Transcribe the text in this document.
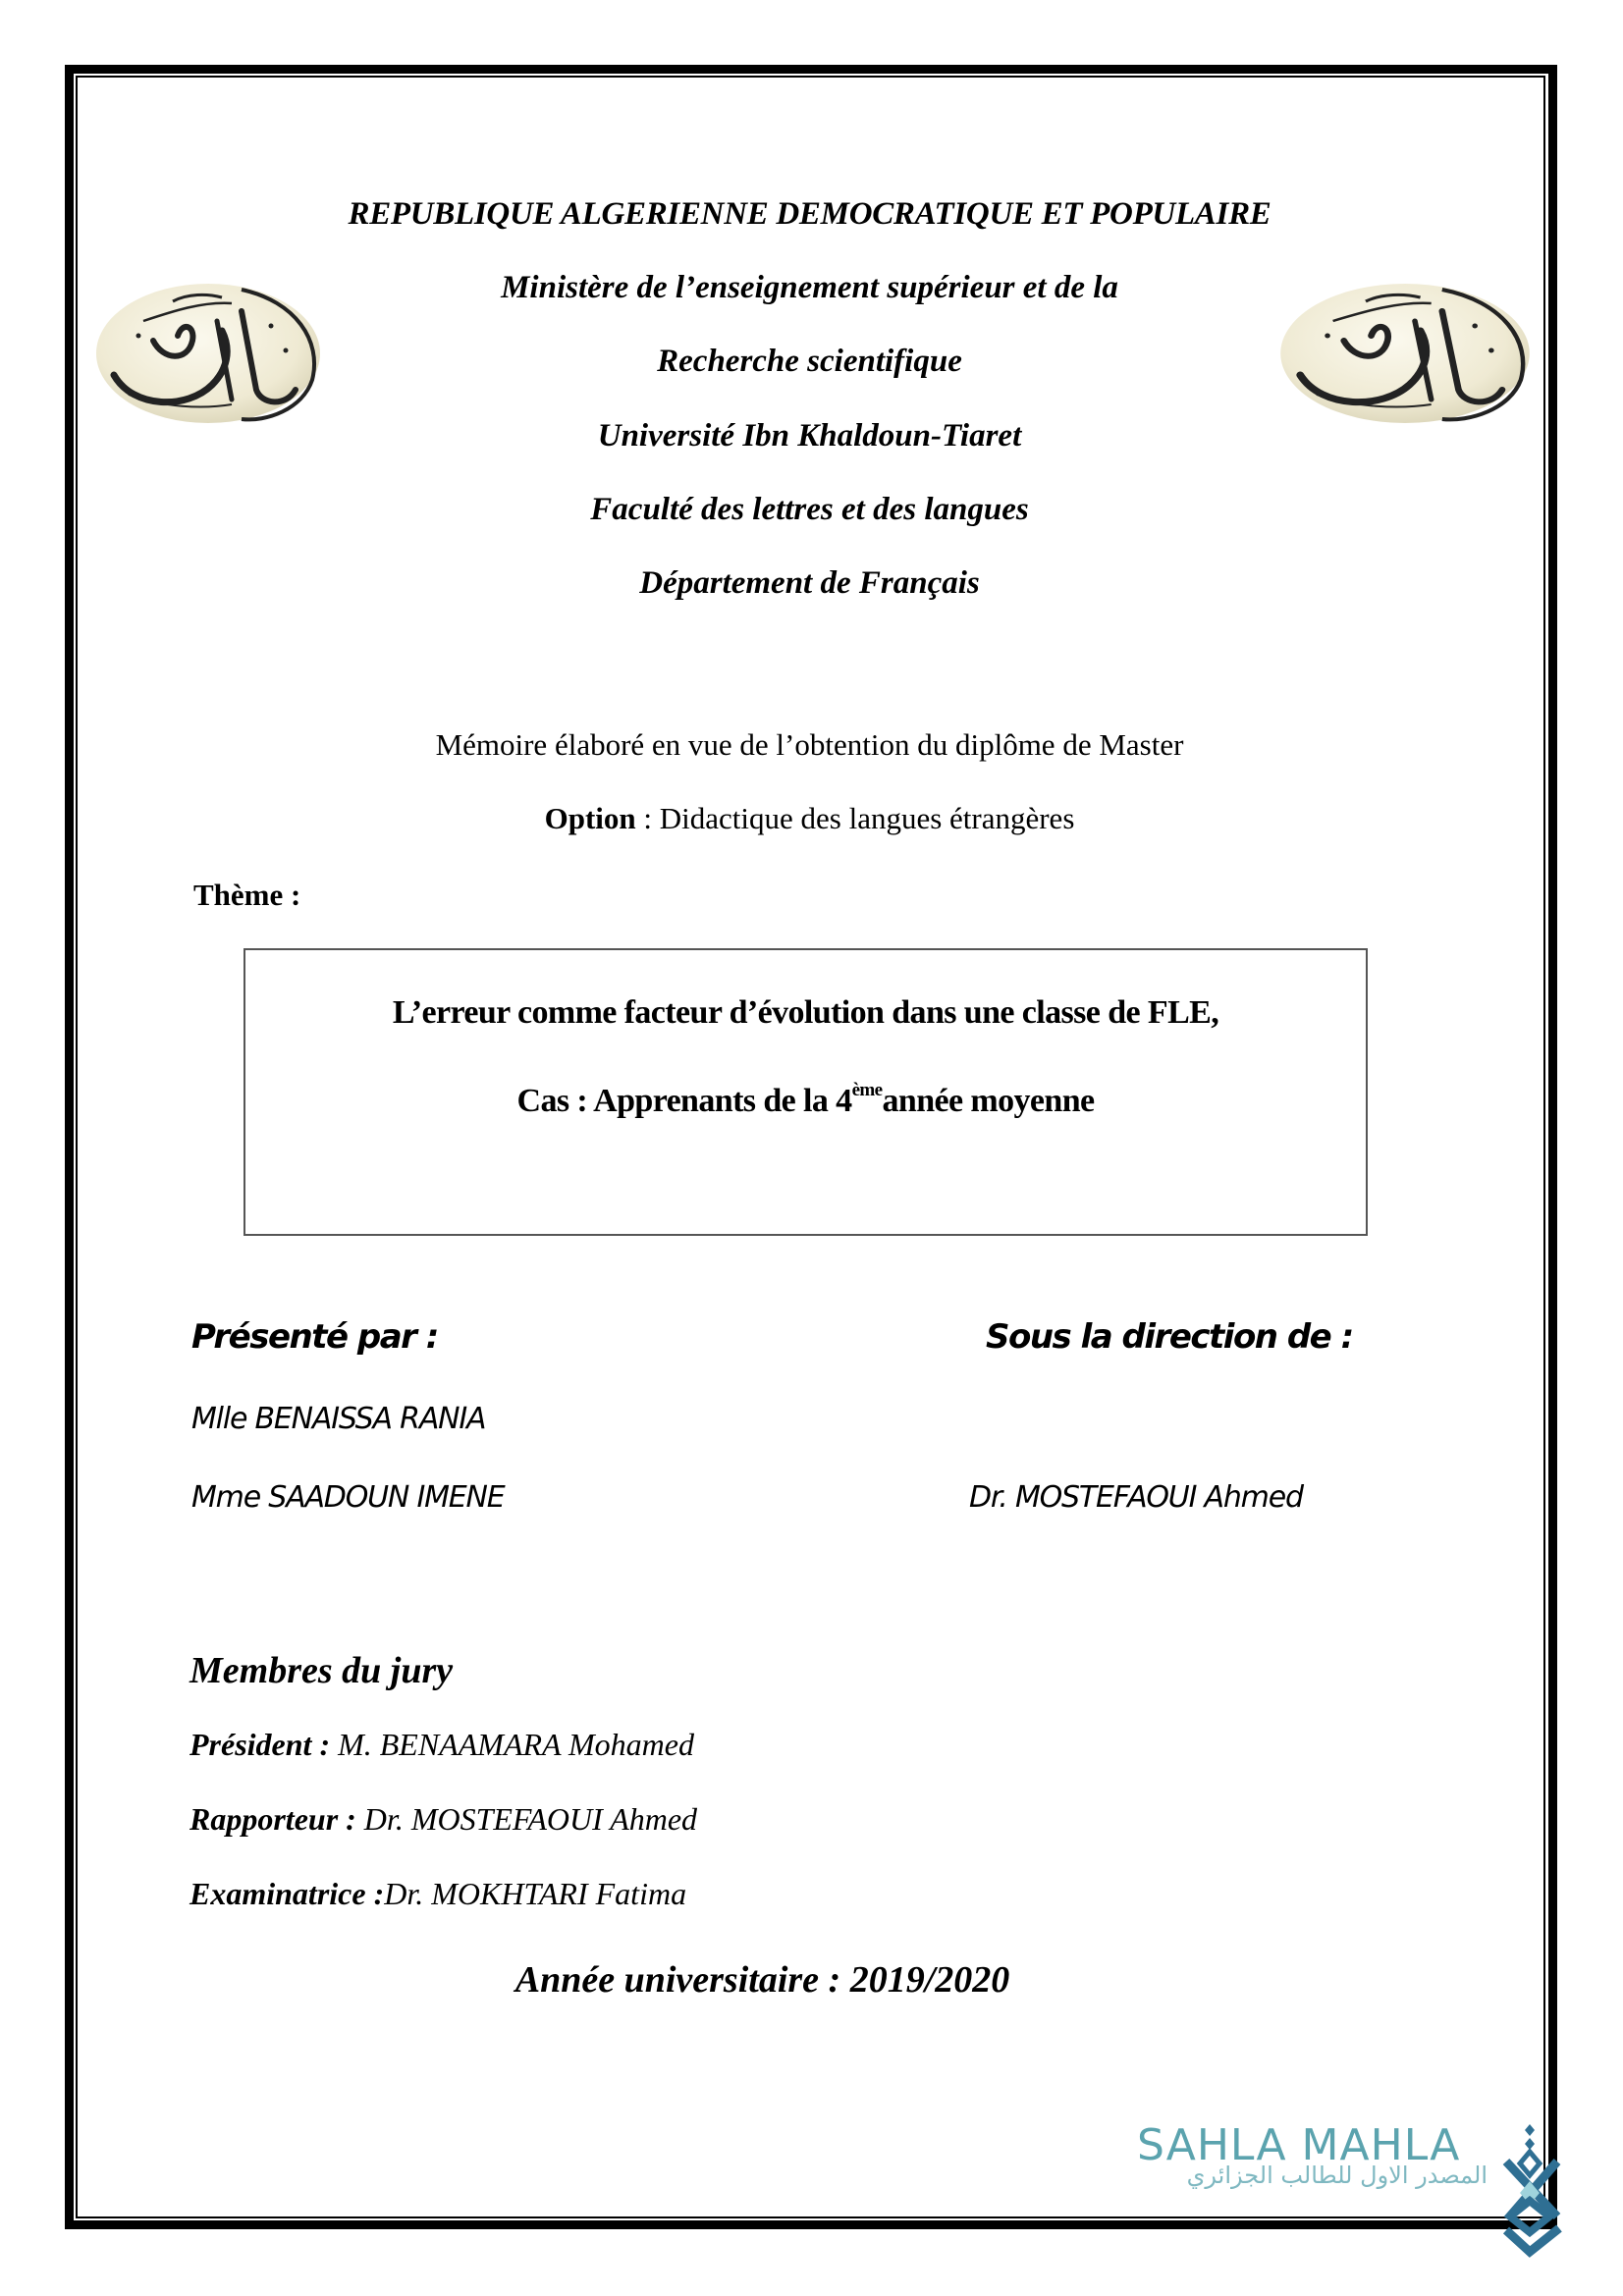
REPUBLIQUE ALGERIENNE DEMOCRATIQUE ET POPULAIRE
Ministère de l’enseignement supérieur et de la
Recherche scientifique
Université Ibn Khaldoun-Tiaret
Faculté des lettres et des langues
Département de Français
Mémoire élaboré en vue de l’obtention du diplôme de Master
Option : Didactique des langues étrangères
Thème :
L’erreur comme facteur d’évolution dans une classe de FLE,
Cas : Apprenants de la 4èmeannée moyenne
Présenté par :	Sous la direction de :
Mlle BENAISSA RANIA
Mme SAADOUN IMENE	Dr. MOSTEFAOUI Ahmed
Membres du jury
Président : M. BENAAMARA Mohamed
Rapporteur : Dr. MOSTEFAOUI Ahmed
Examinatrice :Dr. MOKHTARI Fatima
Année universitaire : 2019/2020
SAHLA MAHLA
المصدر الاول للطالب الجزائري
